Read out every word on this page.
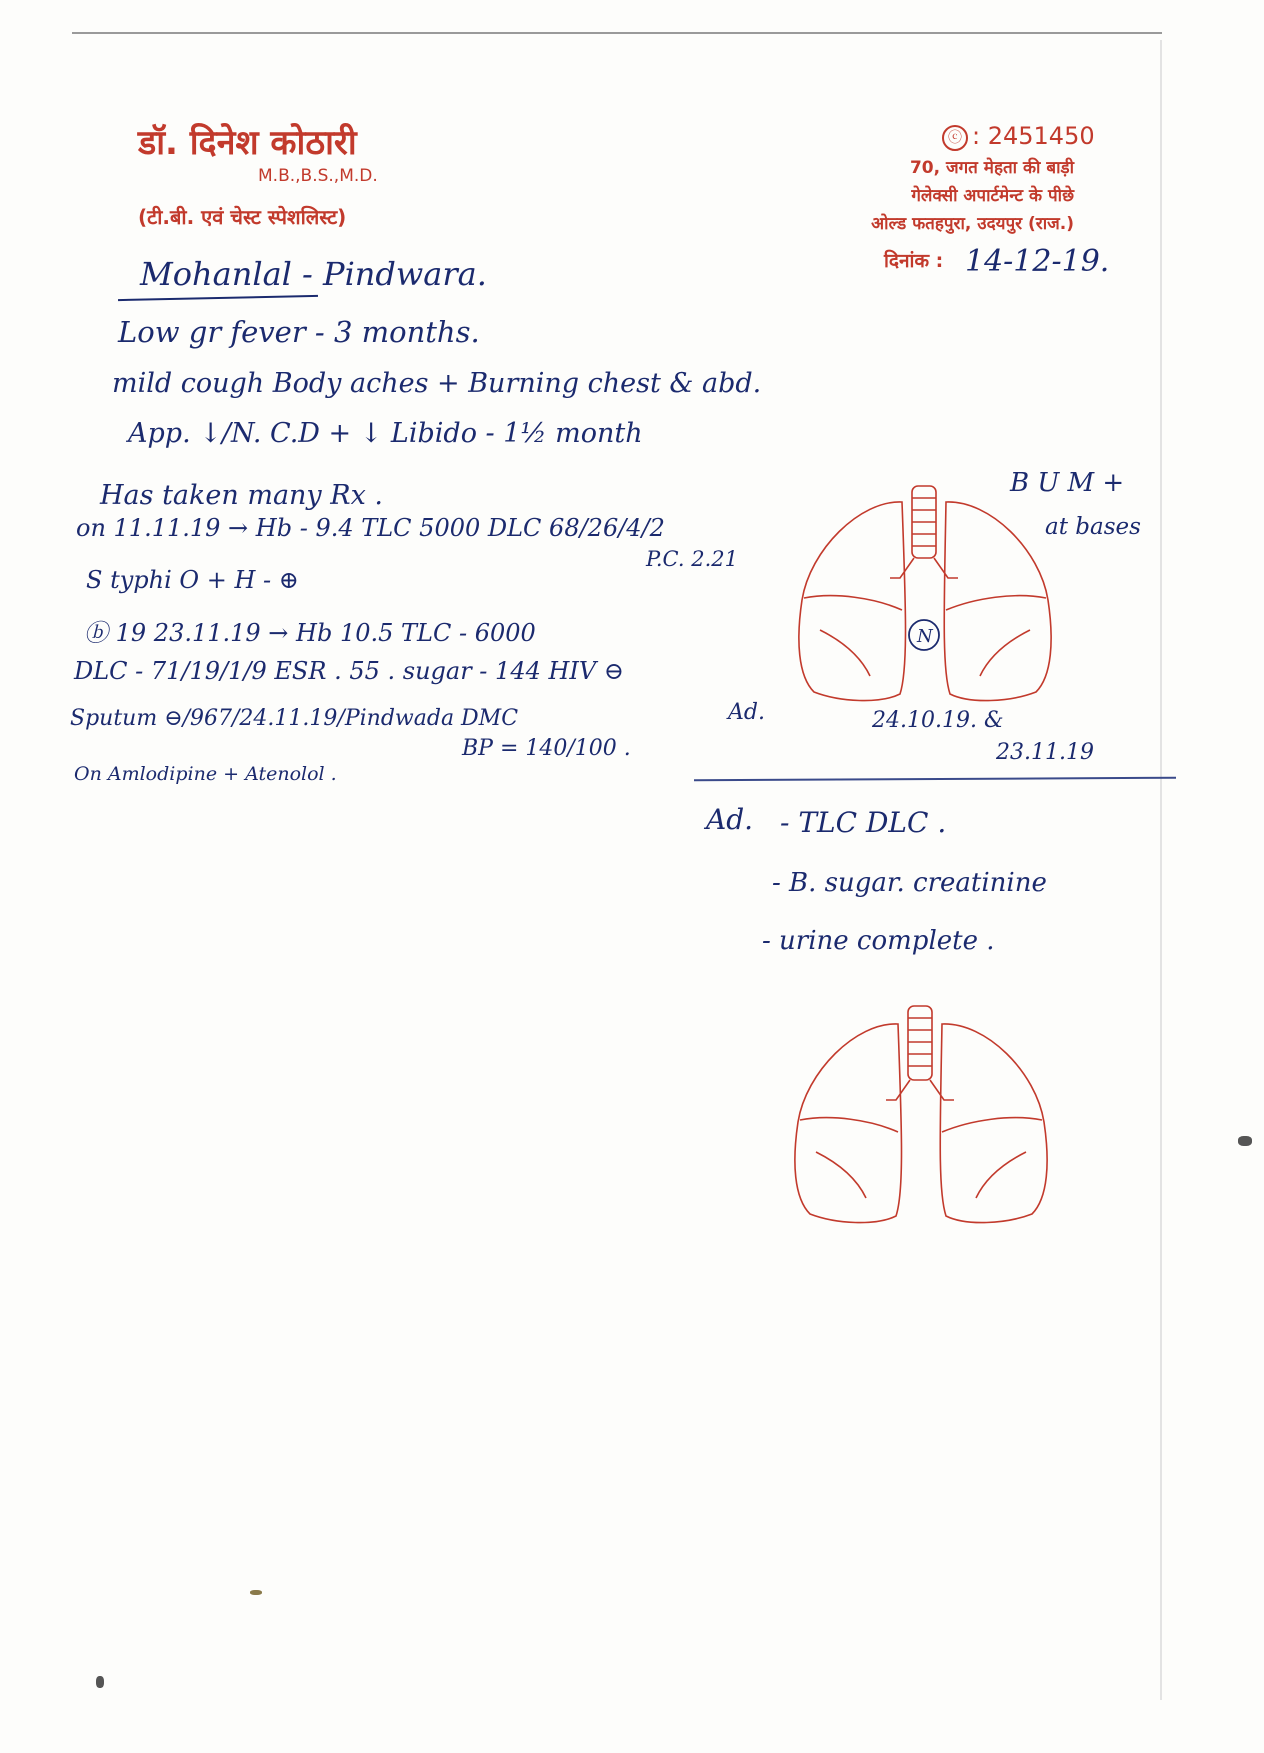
डॉ. दिनेश कोठारी
M.B.,B.S.,M.D.
(टी.बी. एवं चेस्ट स्पेशलिस्ट)
ⓒ : 2451450
70, जगत मेहता की बाड़ी
गेलेक्सी अपार्टमेन्ट के पीछे
ओल्ड फतहपुरा, उदयपुर (राज.)
दिनांक : 14-12-19.
Mohanlal - Pindwara.
Low gr fever - 3 months.
mild cough Body aches + Burning chest & abd.
App. ↓/N. C.D + ↓ Libido - 1½ month
Has taken many Rx .
on 11.11.19 → Hb - 9.4 TLC 5000 DLC 68/26/4/2
P.C. 2.21
S typhi O + H - ⊕
ⓑ 19 23.11.19 → Hb 10.5 TLC - 6000
DLC - 71/19/1/9 ESR . 55 . sugar - 144 HIV ⊖
Sputum ⊖/967/24.11.19/Pindwada DMC
BP = 140/100 .
On Amlodipine + Atenolol .
B U M +
at bases
N
Ad.	24.10.19. &
23.11.19
Ad. - TLC DLC .
- B. sugar. creatinine
- urine complete .
